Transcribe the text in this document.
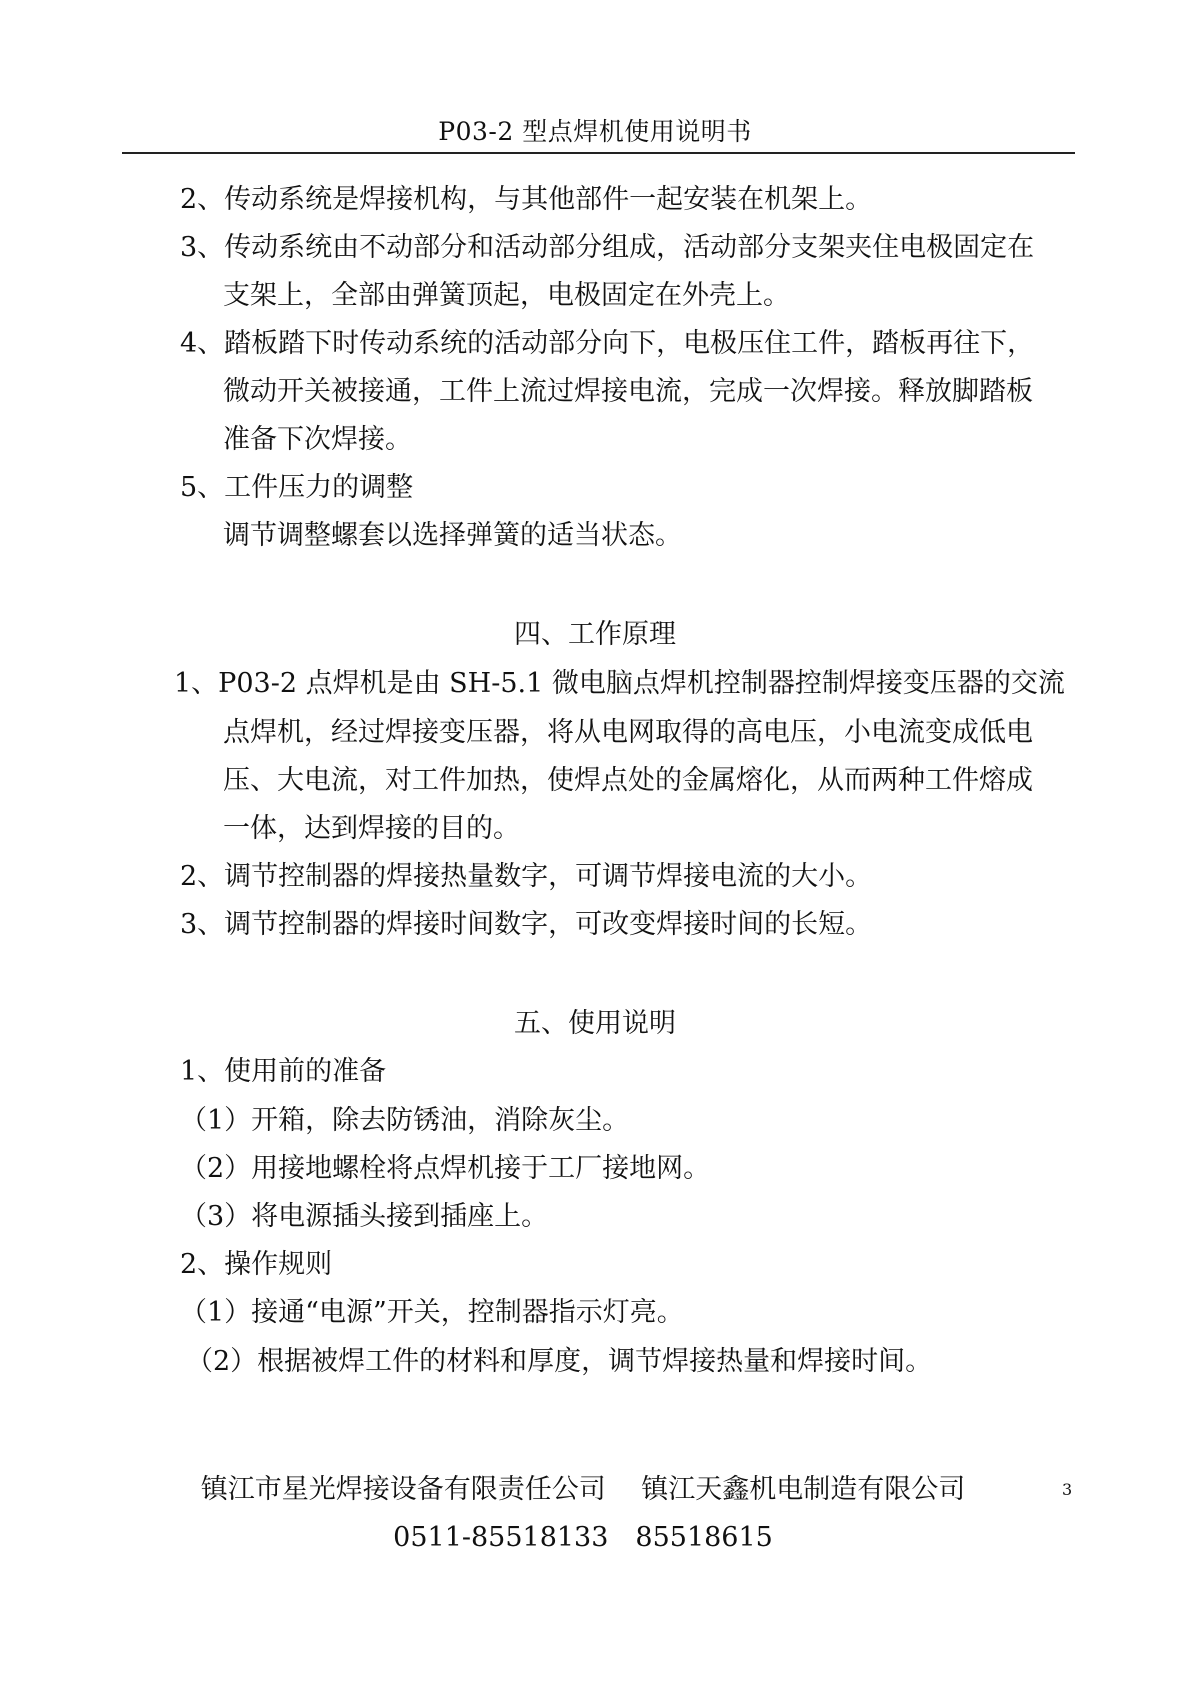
P03-2 型点焊机使用说明书
2、传动系统是焊接机构，与其他部件一起安装在机架上。
3、传动系统由不动部分和活动部分组成，活动部分支架夹住电极固定在
支架上，全部由弹簧顶起，电极固定在外壳上。
4、踏板踏下时传动系统的活动部分向下，电极压住工件，踏板再往下，
微动开关被接通，工件上流过焊接电流，完成一次焊接。释放脚踏板
准备下次焊接。
5、工件压力的调整
调节调整螺套以选择弹簧的适当状态。
四、工作原理
1、P03-2 点焊机是由 SH-5.1 微电脑点焊机控制器控制焊接变压器的交流
点焊机，经过焊接变压器，将从电网取得的高电压，小电流变成低电
压、大电流，对工件加热，使焊点处的金属熔化，从而两种工件熔成
一体，达到焊接的目的。
2、调节控制器的焊接热量数字，可调节焊接电流的大小。
3、调节控制器的焊接时间数字，可改变焊接时间的长短。
五、使用说明
1、使用前的准备
（1）开箱，除去防锈油，消除灰尘。
（2）用接地螺栓将点焊机接于工厂接地网。
（3）将电源插头接到插座上。
2、操作规则
（1）接通“电源”开关，控制器指示灯亮。
（2）根据被焊工件的材料和厚度，调节焊接热量和焊接时间。
镇江市星光焊接设备有限责任公司　 镇江天鑫机电制造有限公司
0511-85518133　85518615
3
